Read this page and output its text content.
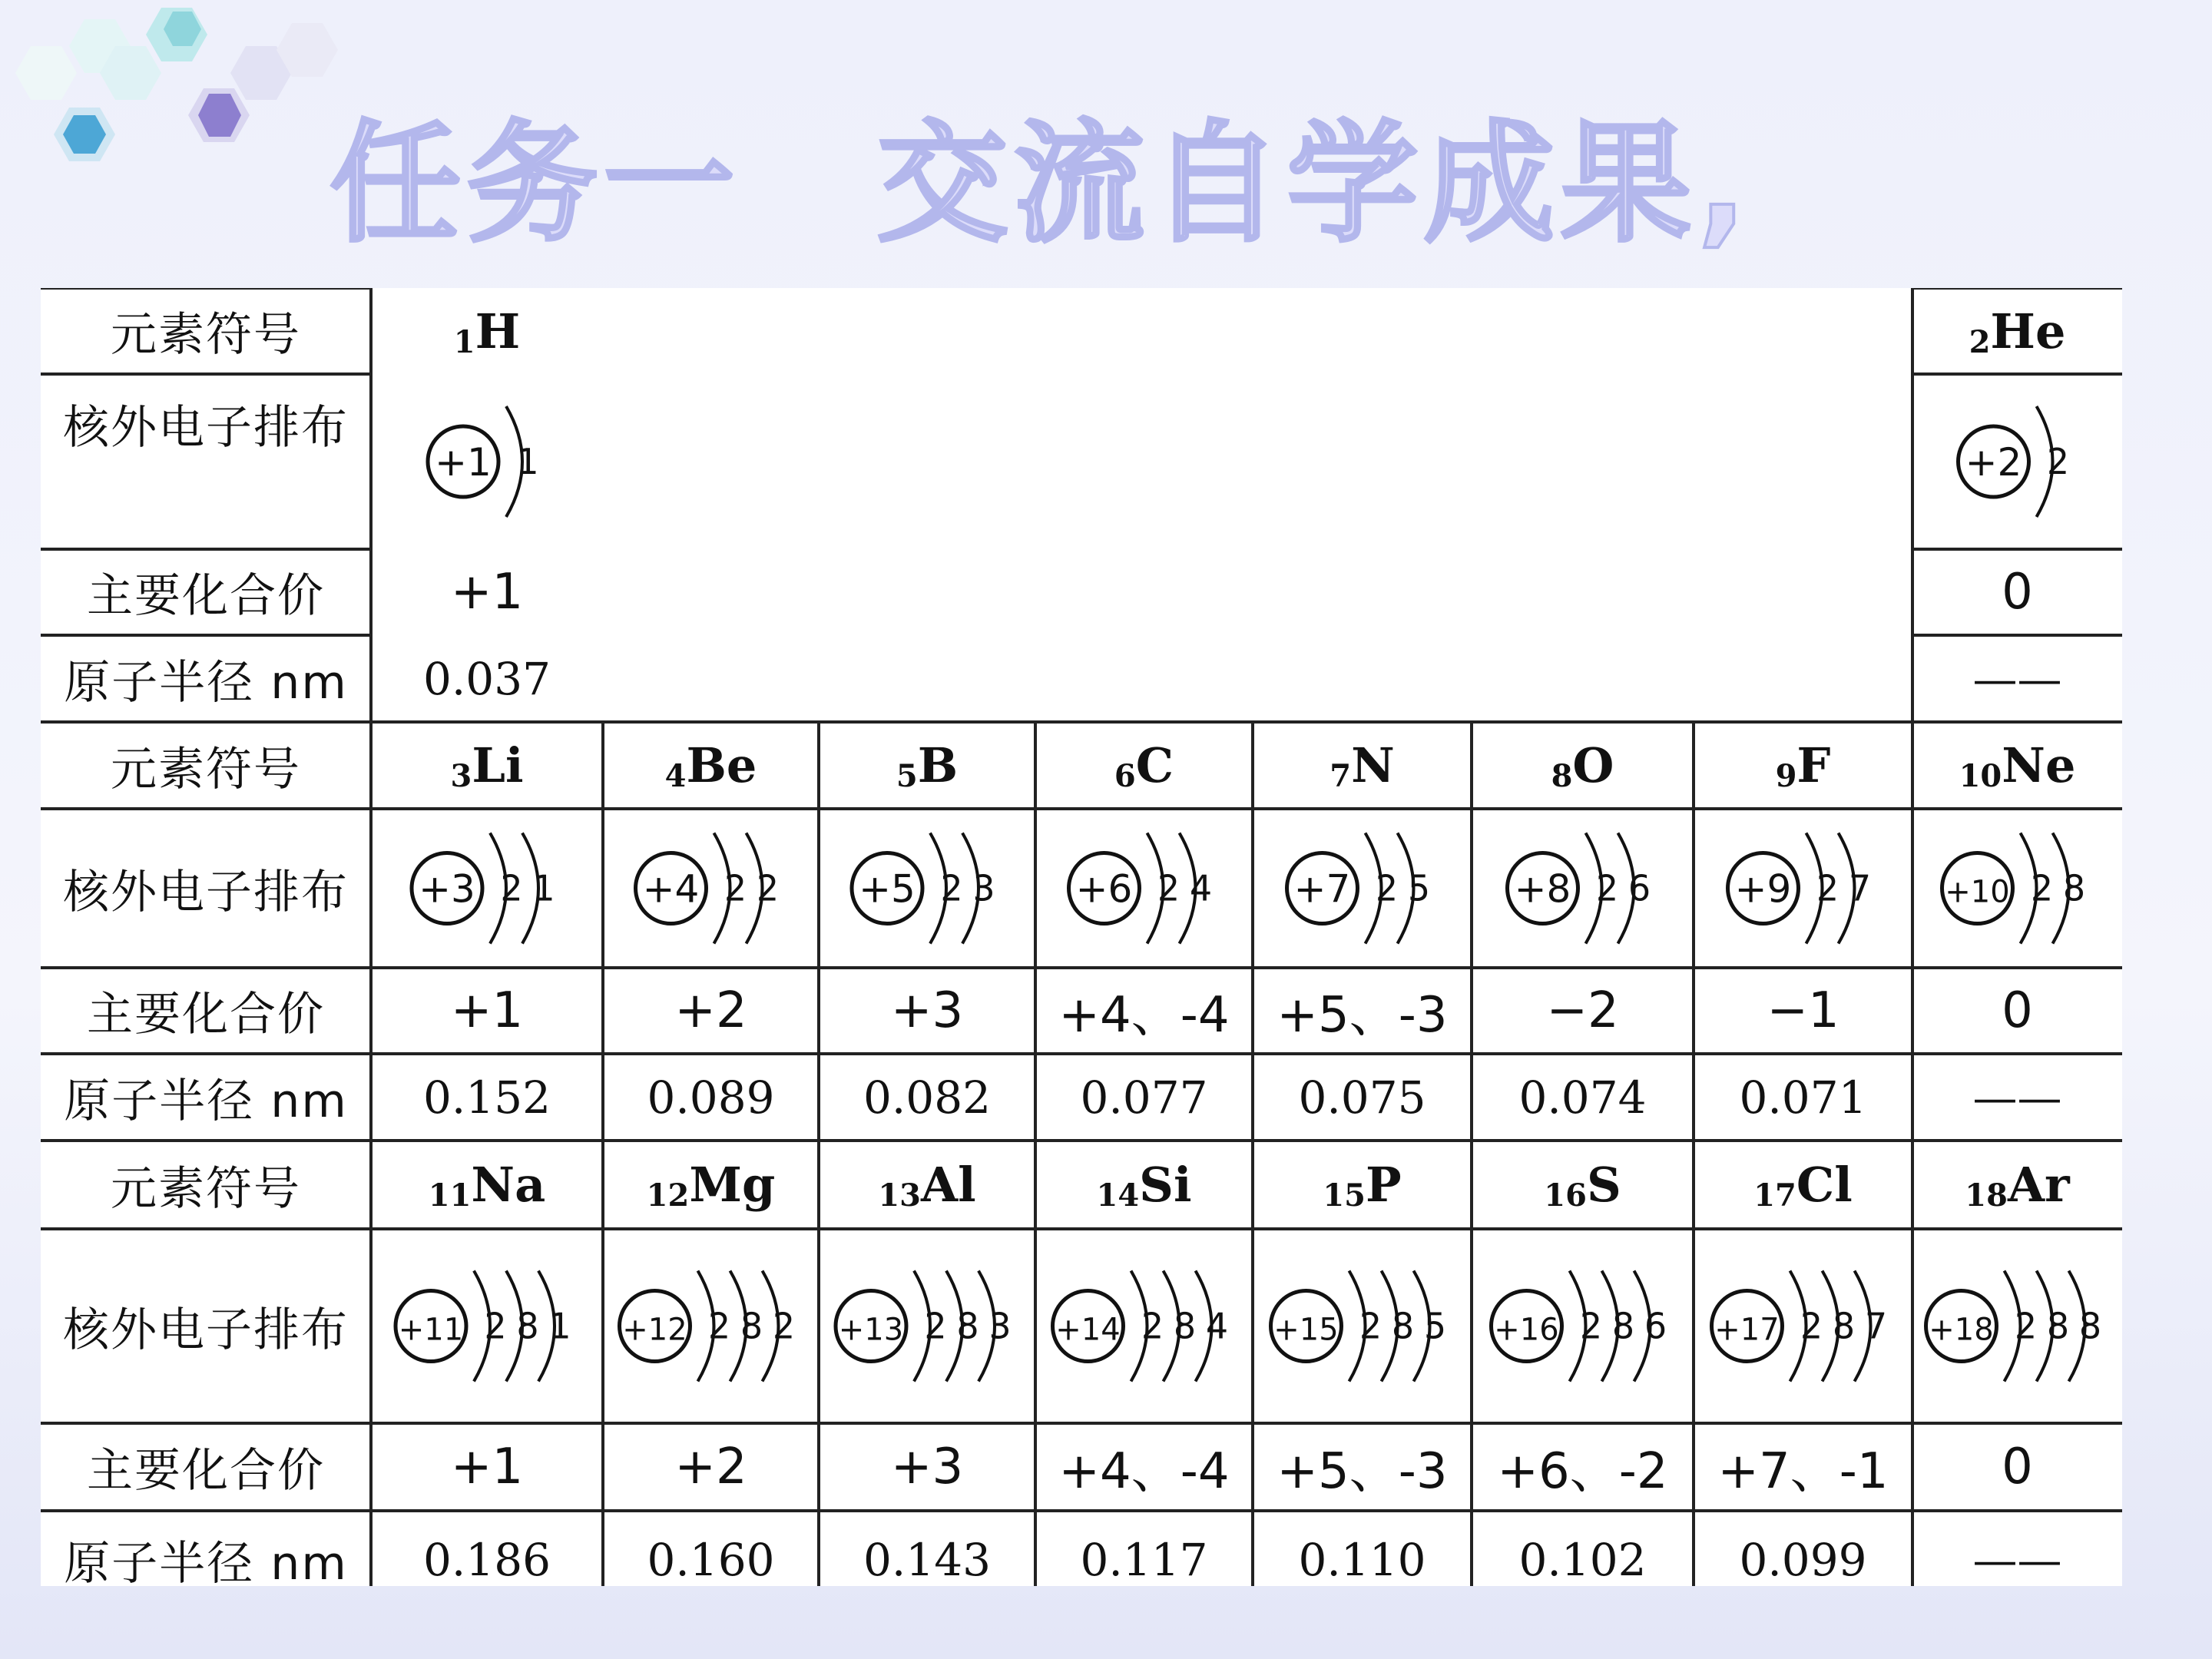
任务一　交流自学成果,
元素符号
核外电子排布
主要化合价
原子半径 nm
1 H
+1 1
+1
0.037
2 He
+2 2
0
——
元素符号
核外电子排布
主要化合价
原子半径 nm
3 Li
+3 2 1
+1
0.152
4 Be
+4 2 2
+2
0.089
5 B
+5 2 3
+3
0.082
6 C
+6 2 4
+4、-4
0.077
7 N
+7 2 5
+5、-3
0.075
8 O
+8 2 6
−2
0.074
9 F
+9 2 7
−1
0.071
10 Ne
+10 2 8
0
——
元素符号
核外电子排布
主要化合价
原子半径 nm
11 Na
+11 2 8 1
+1
0.186
12 Mg
+12 2 8 2
+2
0.160
13 Al
+13 2 8 3
+3
0.143
14 Si
+14 2 8 4
+4、-4
0.117
15 P
+15 2 8 5
+5、-3
0.110
16 S
+16 2 8 6
+6、-2
0.102
17 Cl
+17 2 8 7
+7、-1
0.099
18 Ar
+18 2 8 8
0
——
